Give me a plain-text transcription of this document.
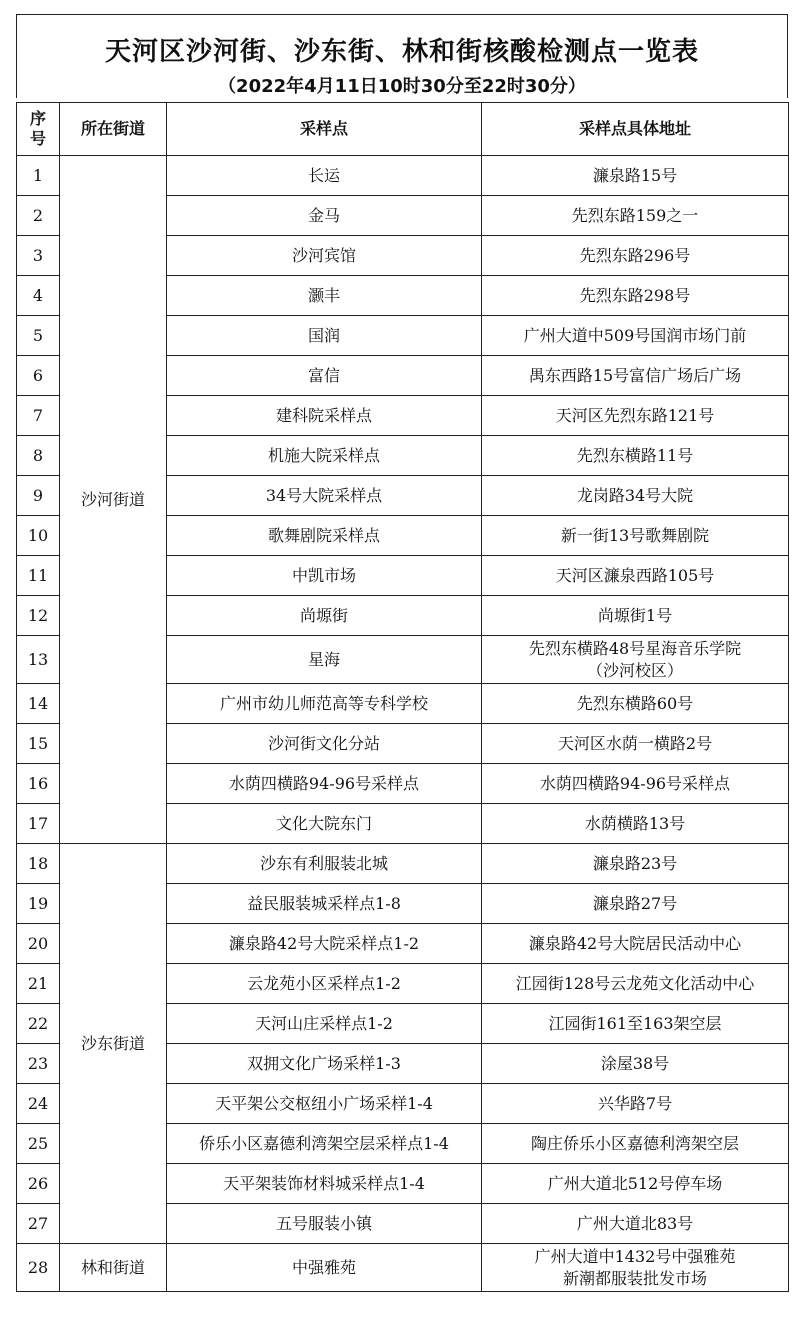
天河区沙河街、沙东街、林和街核酸检测点一览表
（2022年4月11日10时30分至22时30分）
序
号	所在街道	采样点	采样点具体地址
1	沙河街道	长运	濂泉路15号

2		金马	先烈东路159之一

3		沙河宾馆	先烈东路296号

4		灏丰	先烈东路298号

5		国润	广州大道中509号国润市场门前

6		富信	禺东西路15号富信广场后广场

7		建科院采样点	天河区先烈东路121号

8		机施大院采样点	先烈东横路11号

9		34号大院采样点	龙岗路34号大院

10		歌舞剧院采样点	新一街13号歌舞剧院

11		中凯市场	天河区濂泉西路105号

12		尚塬街	尚塬街1号

13		星海	先烈东横路48号星海音乐学院
（沙河校区）

14		广州市幼儿师范高等专科学校	先烈东横路60号

15		沙河街文化分站	天河区水荫一横路2号

16		水荫四横路94-96号采样点	水荫四横路94-96号采样点

17		文化大院东门	水荫横路13号

18	沙东街道	沙东有利服装北城	濂泉路23号

19		益民服装城采样点1-8	濂泉路27号

20		濂泉路42号大院采样点1-2	濂泉路42号大院居民活动中心

21		云龙苑小区采样点1-2	江园街128号云龙苑文化活动中心

22		天河山庄采样点1-2	江园街161至163架空层

23		双拥文化广场采样1-3	涂屋38号

24		天平架公交枢纽小广场采样1-4	兴华路7号

25		侨乐小区嘉德利湾架空层采样点1-4	陶庄侨乐小区嘉德利湾架空层

26		天平架装饰材料城采样点1-4	广州大道北512号停车场

27		五号服装小镇	广州大道北83号

28	林和街道	中强雅苑	广州大道中1432号中强雅苑
新潮都服装批发市场
